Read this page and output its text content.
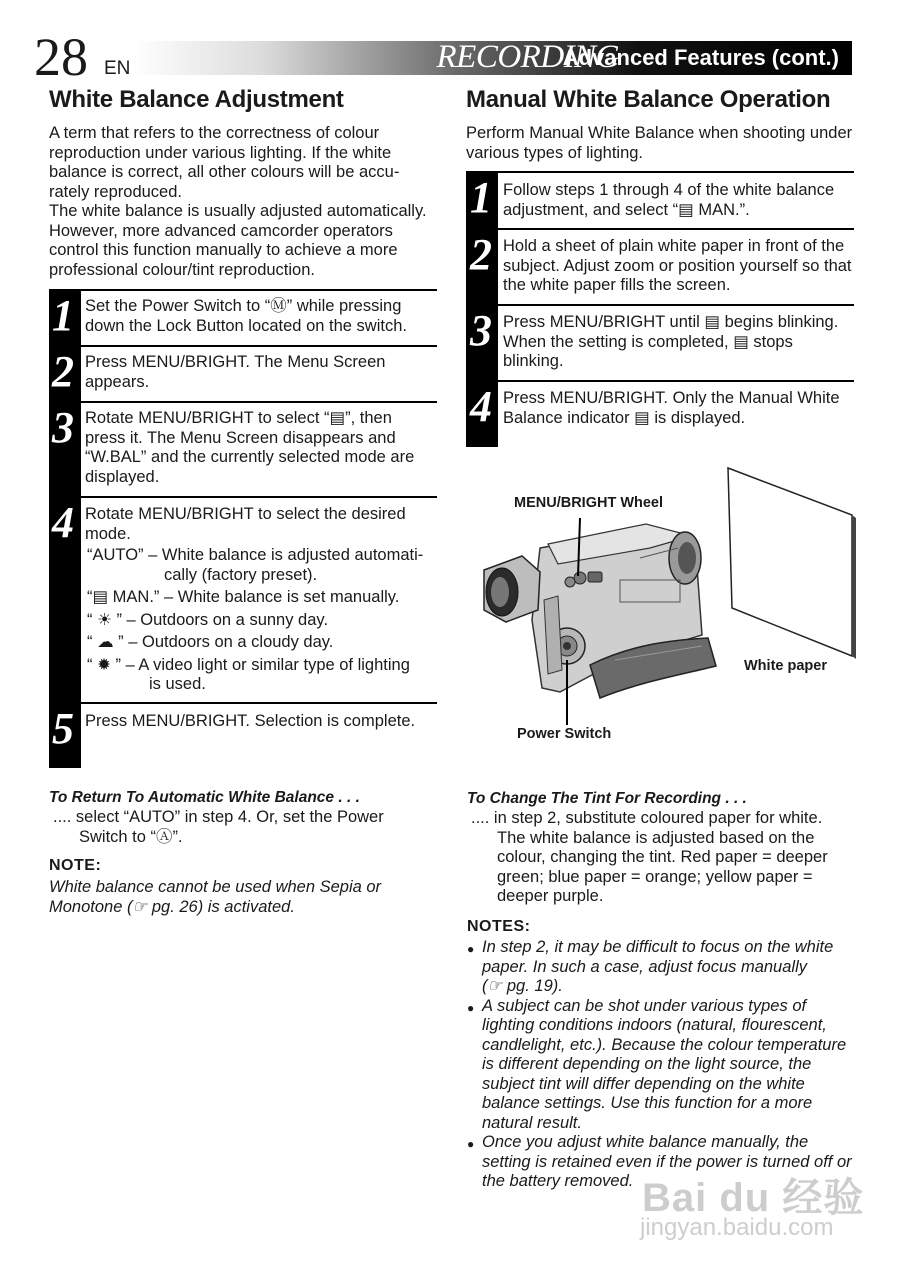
28 EN	RECORDING
Advanced Features (cont.)
White Balance Adjustment
A term that refers to the correctness of colour
reproduction under various lighting. If the white
balance is correct, all other colours will be accu-
rately reproduced.
The white balance is usually adjusted automatically.
However, more advanced camcorder operators
control this function manually to achieve a more
professional colour/tint reproduction.
1 Set the Power Switch to “Ⓜ” while pressing
down the Lock Button located on the switch.
2 Press MENU/BRIGHT. The Menu Screen
appears.
3 Rotate MENU/BRIGHT to select “▤”, then
press it. The Menu Screen disappears and
“W.BAL” and the currently selected mode are
displayed.
4 Rotate MENU/BRIGHT to select the desired
mode.
“AUTO” – White balance is adjusted automati-
cally (factory preset).
“▤ MAN.” – White balance is set manually.
“ ☀ ” – Outdoors on a sunny day.
“ ☁ ” – Outdoors on a cloudy day.
“ ✹ ” – A video light or similar type of lighting
is used.
5 Press MENU/BRIGHT. Selection is complete.
To Return To Automatic White Balance . . .
.... select “AUTO” in step 4. Or, set the Power
Switch to “Ⓐ”.
NOTE:
White balance cannot be used when Sepia or
Monotone (☞ pg. 26) is activated.
Manual White Balance Operation
Perform Manual White Balance when shooting under
various types of lighting.
1 Follow steps 1 through 4 of the white balance
adjustment, and select “▤ MAN.”.
2 Hold a sheet of plain white paper in front of the
subject. Adjust zoom or position yourself so that
the white paper fills the screen.
3 Press MENU/BRIGHT until ▤ begins blinking.
When the setting is completed, ▤ stops
blinking.
4 Press MENU/BRIGHT. Only the Manual White
Balance indicator ▤ is displayed.
MENU/BRIGHT Wheel
White paper
Power Switch
To Change The Tint For Recording . . .
.... in step 2, substitute coloured paper for white.
The white balance is adjusted based on the
colour, changing the tint. Red paper = deeper
green; blue paper = orange; yellow paper =
deeper purple.
NOTES:
● In step 2, it may be difficult to focus on the white
paper. In such a case, adjust focus manually
(☞ pg. 19).
● A subject can be shot under various types of
lighting conditions indoors (natural, flourescent,
candlelight, etc.). Because the colour temperature
is different depending on the light source, the
subject tint will differ depending on the white
balance settings. Use this function for a more
natural result.
● Once you adjust white balance manually, the
setting is retained even if the power is turned off or
the battery removed. Bai du 经验
jingyan.baidu.com
